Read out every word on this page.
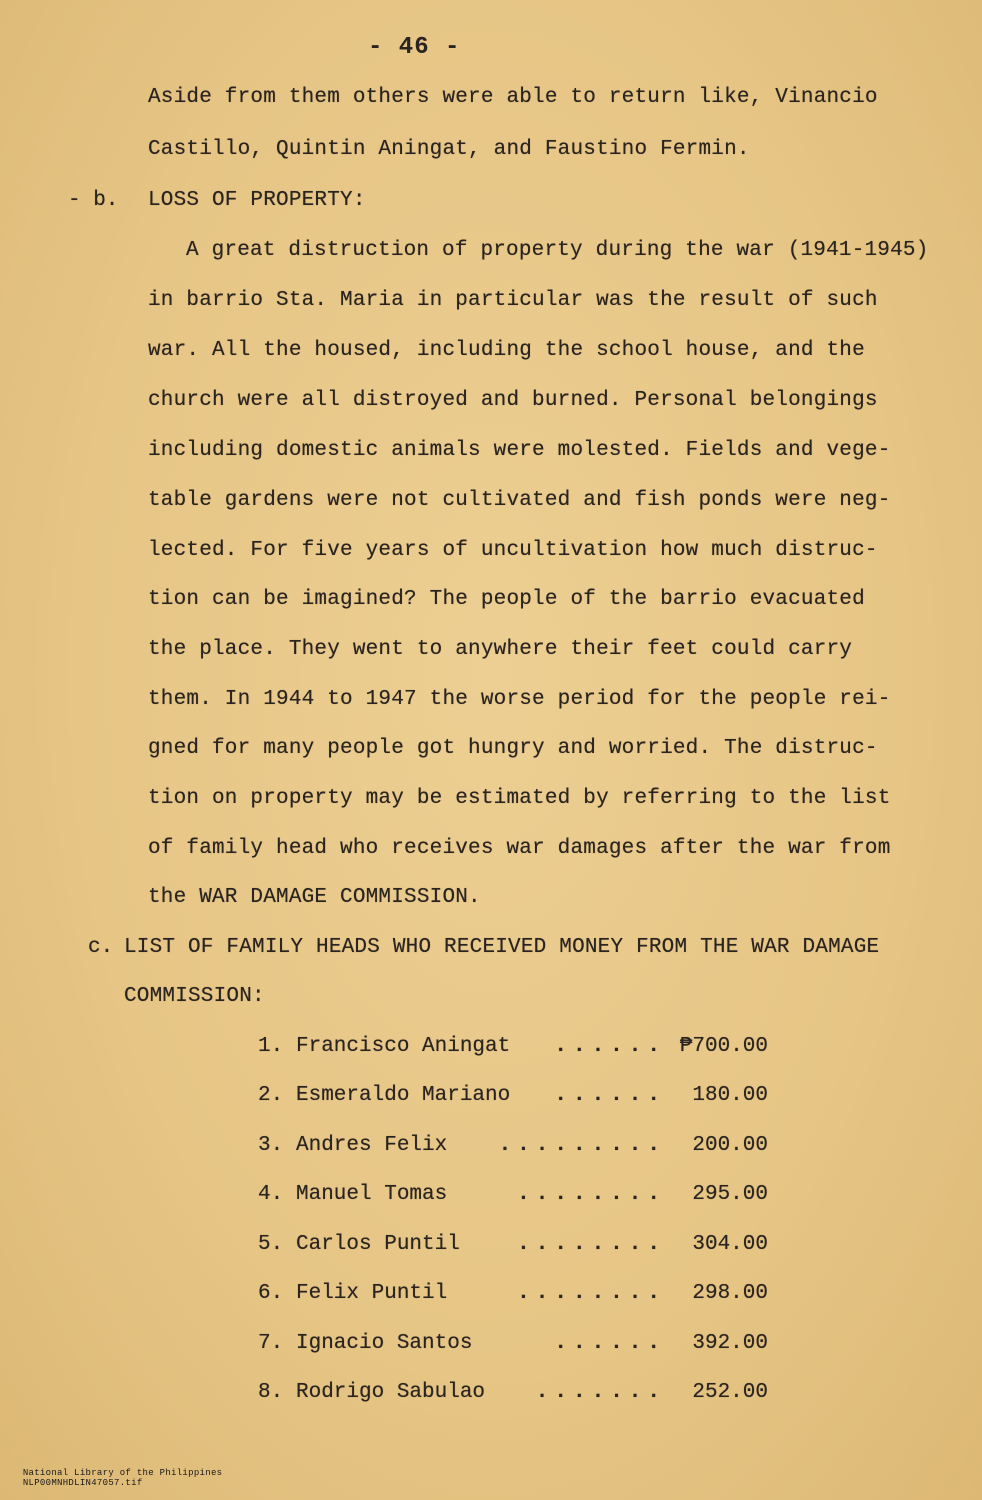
- 46 -
Aside from them others were able to return like, Vinancio
Castillo, Quintin Aningat, and Faustino Fermin.
- b. LOSS OF PROPERTY:
A great distruction of property during the war (1941-1945)
in barrio Sta. Maria in particular was the result of such
war. All the housed, including the school house, and the
church were all distroyed and burned. Personal belongings
including domestic animals were molested. Fields and vege-
table gardens were not cultivated and fish ponds were neg-
lected. For five years of uncultivation how much distruc-
tion can be imagined? The people of the barrio evacuated
the place. They went to anywhere their feet could carry
them. In 1944 to 1947 the worse period for the people rei-
gned for many people got hungry and worried. The distruc-
tion on property may be estimated by referring to the list
of family head who receives war damages after the war from
the WAR DAMAGE COMMISSION.
c. LIST OF FAMILY HEADS WHO RECEIVED MONEY FROM THE WAR DAMAGE
COMMISSION:
1. Francisco Aningat	...... ₱700.00
2. Esmeraldo Mariano	......	180.00
3. Andres Felix	.........	200.00
4. Manuel Tomas	........	295.00
5. Carlos Puntil	........	304.00
6. Felix Puntil	........	298.00
7. Ignacio Santos	......	392.00
8. Rodrigo Sabulao	.......	252.00

National Library of the Philippines
NLP00MNHDLIN47057.tif
